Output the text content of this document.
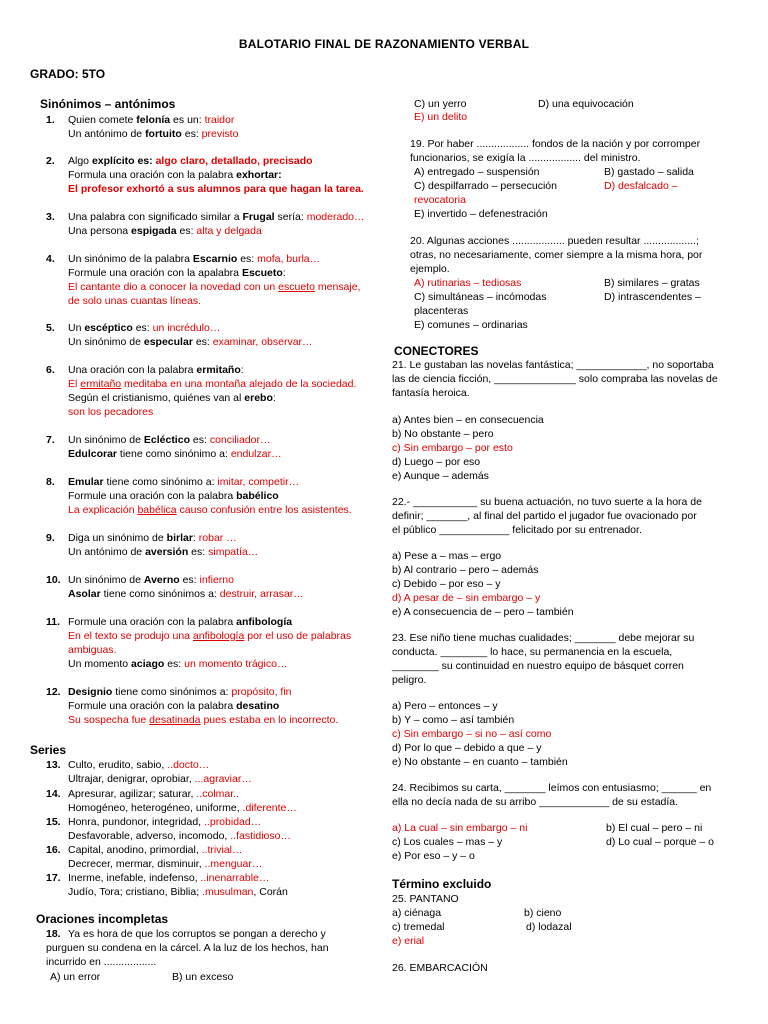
BALOTARIO FINAL DE RAZONAMIENTO VERBAL
GRADO: 5TO
Sinónimos – antónimos
1. Quien comete felonía es un: traidor
Un antónimo de fortuito es: previsto
2. Algo explícito es: algo claro, detallado, precisado
Formula una oración con la palabra exhortar:
El profesor exhortó a sus alumnos para que hagan la tarea.
3. Una palabra con significado similar a Frugal sería: moderado…
Una persona espigada es: alta y delgada
4. Un sinónimo de la palabra Escarnio es: mofa, burla…
Formule una oración con la apalabra Escueto:
El cantante dio a conocer la novedad con un escueto mensaje,
de solo unas cuantas líneas.
5. Un escéptico es: un incrédulo…
Un sinónimo de especular es: examinar, observar…
6. Una oración con la palabra ermitaño:
El ermitaño meditaba en una montaña alejado de la sociedad.
Según el cristianismo, quiénes van al erebo:
son los pecadores
7. Un sinónimo de Ecléctico es: conciliador…
Edulcorar tiene como sinónimo a: endulzar…
8. Emular tiene como sinónimo a: imitar, competir…
Formule una oración con la palabra babélico
La explicación babélica causo confusión entre los asistentes.
9. Diga un sinónimo de birlar: robar …
Un antónimo de aversión es: simpatía…
10. Un sinónimo de Averno es: infierno
Asolar tiene como sinónimos a: destruir, arrasar…
11. Formule una oración con la palabra anfibología
En el texto se produjo una anfibología por el uso de palabras
ambiguas.
Un momento aciago es: un momento trágico…
12. Designio tiene como sinónimos a: propósito, fin
Formule una oración con la palabra desatino
Su sospecha fue desatinada pues estaba en lo incorrecto.
Series
13. Culto, erudito, sabio, ..docto…
Ultrajar, denigrar, oprobiar, ...agraviar…
14. Apresurar, agilizar; saturar, ..colmar..
Homogéneo, heterogéneo, uniforme, .diferente…
15. Honra, pundonor, integridad, ..probidad…
Desfavorable, adverso, incomodo, ..fastidioso…
16. Capital, anodino, primordial, ..trivial…
Decrecer, mermar, disminuir, ..menguar…
17. Inerme, inefable, indefenso, ..inenarrable…
Judío, Tora; cristiano, Biblia; .musulman, Corán
Oraciones incompletas
18. Ya es hora de que los corruptos se pongan a derecho y
purguen su condena en la cárcel. A la luz de los hechos, han
incurrido en ..................
A) un error	B) un exceso
C) un yerro	D) una equivocación
E) un delito
19. Por haber .................. fondos de la nación y por corromper
funcionarios, se exigía la .................. del ministro.
A) entregado – suspensión	B) gastado – salida
C) despilfarrado – persecución	D) desfalcado –
revocatoria
E) invertido – defenestración
20. Algunas acciones .................. pueden resultar ..................;
otras, no necesariamente, comer siempre a la misma hora, por
ejemplo.
A) rutinarias – tediosas	B) similares – gratas
C) simultáneas – incómodas	D) intrascendentes –
placenteras
E) comunes – ordinarias
CONECTORES
21. Le gustaban las novelas fantástica; ____________, no soportaba
las de ciencia ficción, ______________ solo compraba las novelas de
fantasía heroica.
a) Antes bien – en consecuencia
b) No obstante – pero
c) Sin embargo – por esto
d) Luego – por eso
e) Aunque – además
22.- ___________ su buena actuación, no tuvo suerte a la hora de
definir; _______, al final del partido el jugador fue ovacionado por
el público ____________ felicitado por su entrenador.
a) Pese a – mas – ergo
b) Al contrario – pero – además
c) Debido – por eso – y
d) A pesar de – sin embargo – y
e) A consecuencia de – pero – también
23. Ese niño tiene muchas cualidades; _______ debe mejorar su
conducta. ________ lo hace, su permanencia en la escuela,
________ su continuidad en nuestro equipo de básquet corren
peligro.
a) Pero – entonces – y
b) Y – como – así también
c) Sin embargo – si no – así como
d) Por lo que – debido a que – y
e) No obstante – en cuanto – también
24. Recibimos su carta, _______ leímos con entusiasmo; ______ en
ella no decía nada de su arribo ____________ de su estadía.
a) La cual – sin embargo – ni	b) El cual – pero – ni
c) Los cuales – mas – y	d) Lo cual – porque – o
e) Por eso – y – o
Término excluido
25. PANTANO
a) ciénaga	b) cieno
c) tremedal	d) lodazal
e) erial
26. EMBARCACIÓN
